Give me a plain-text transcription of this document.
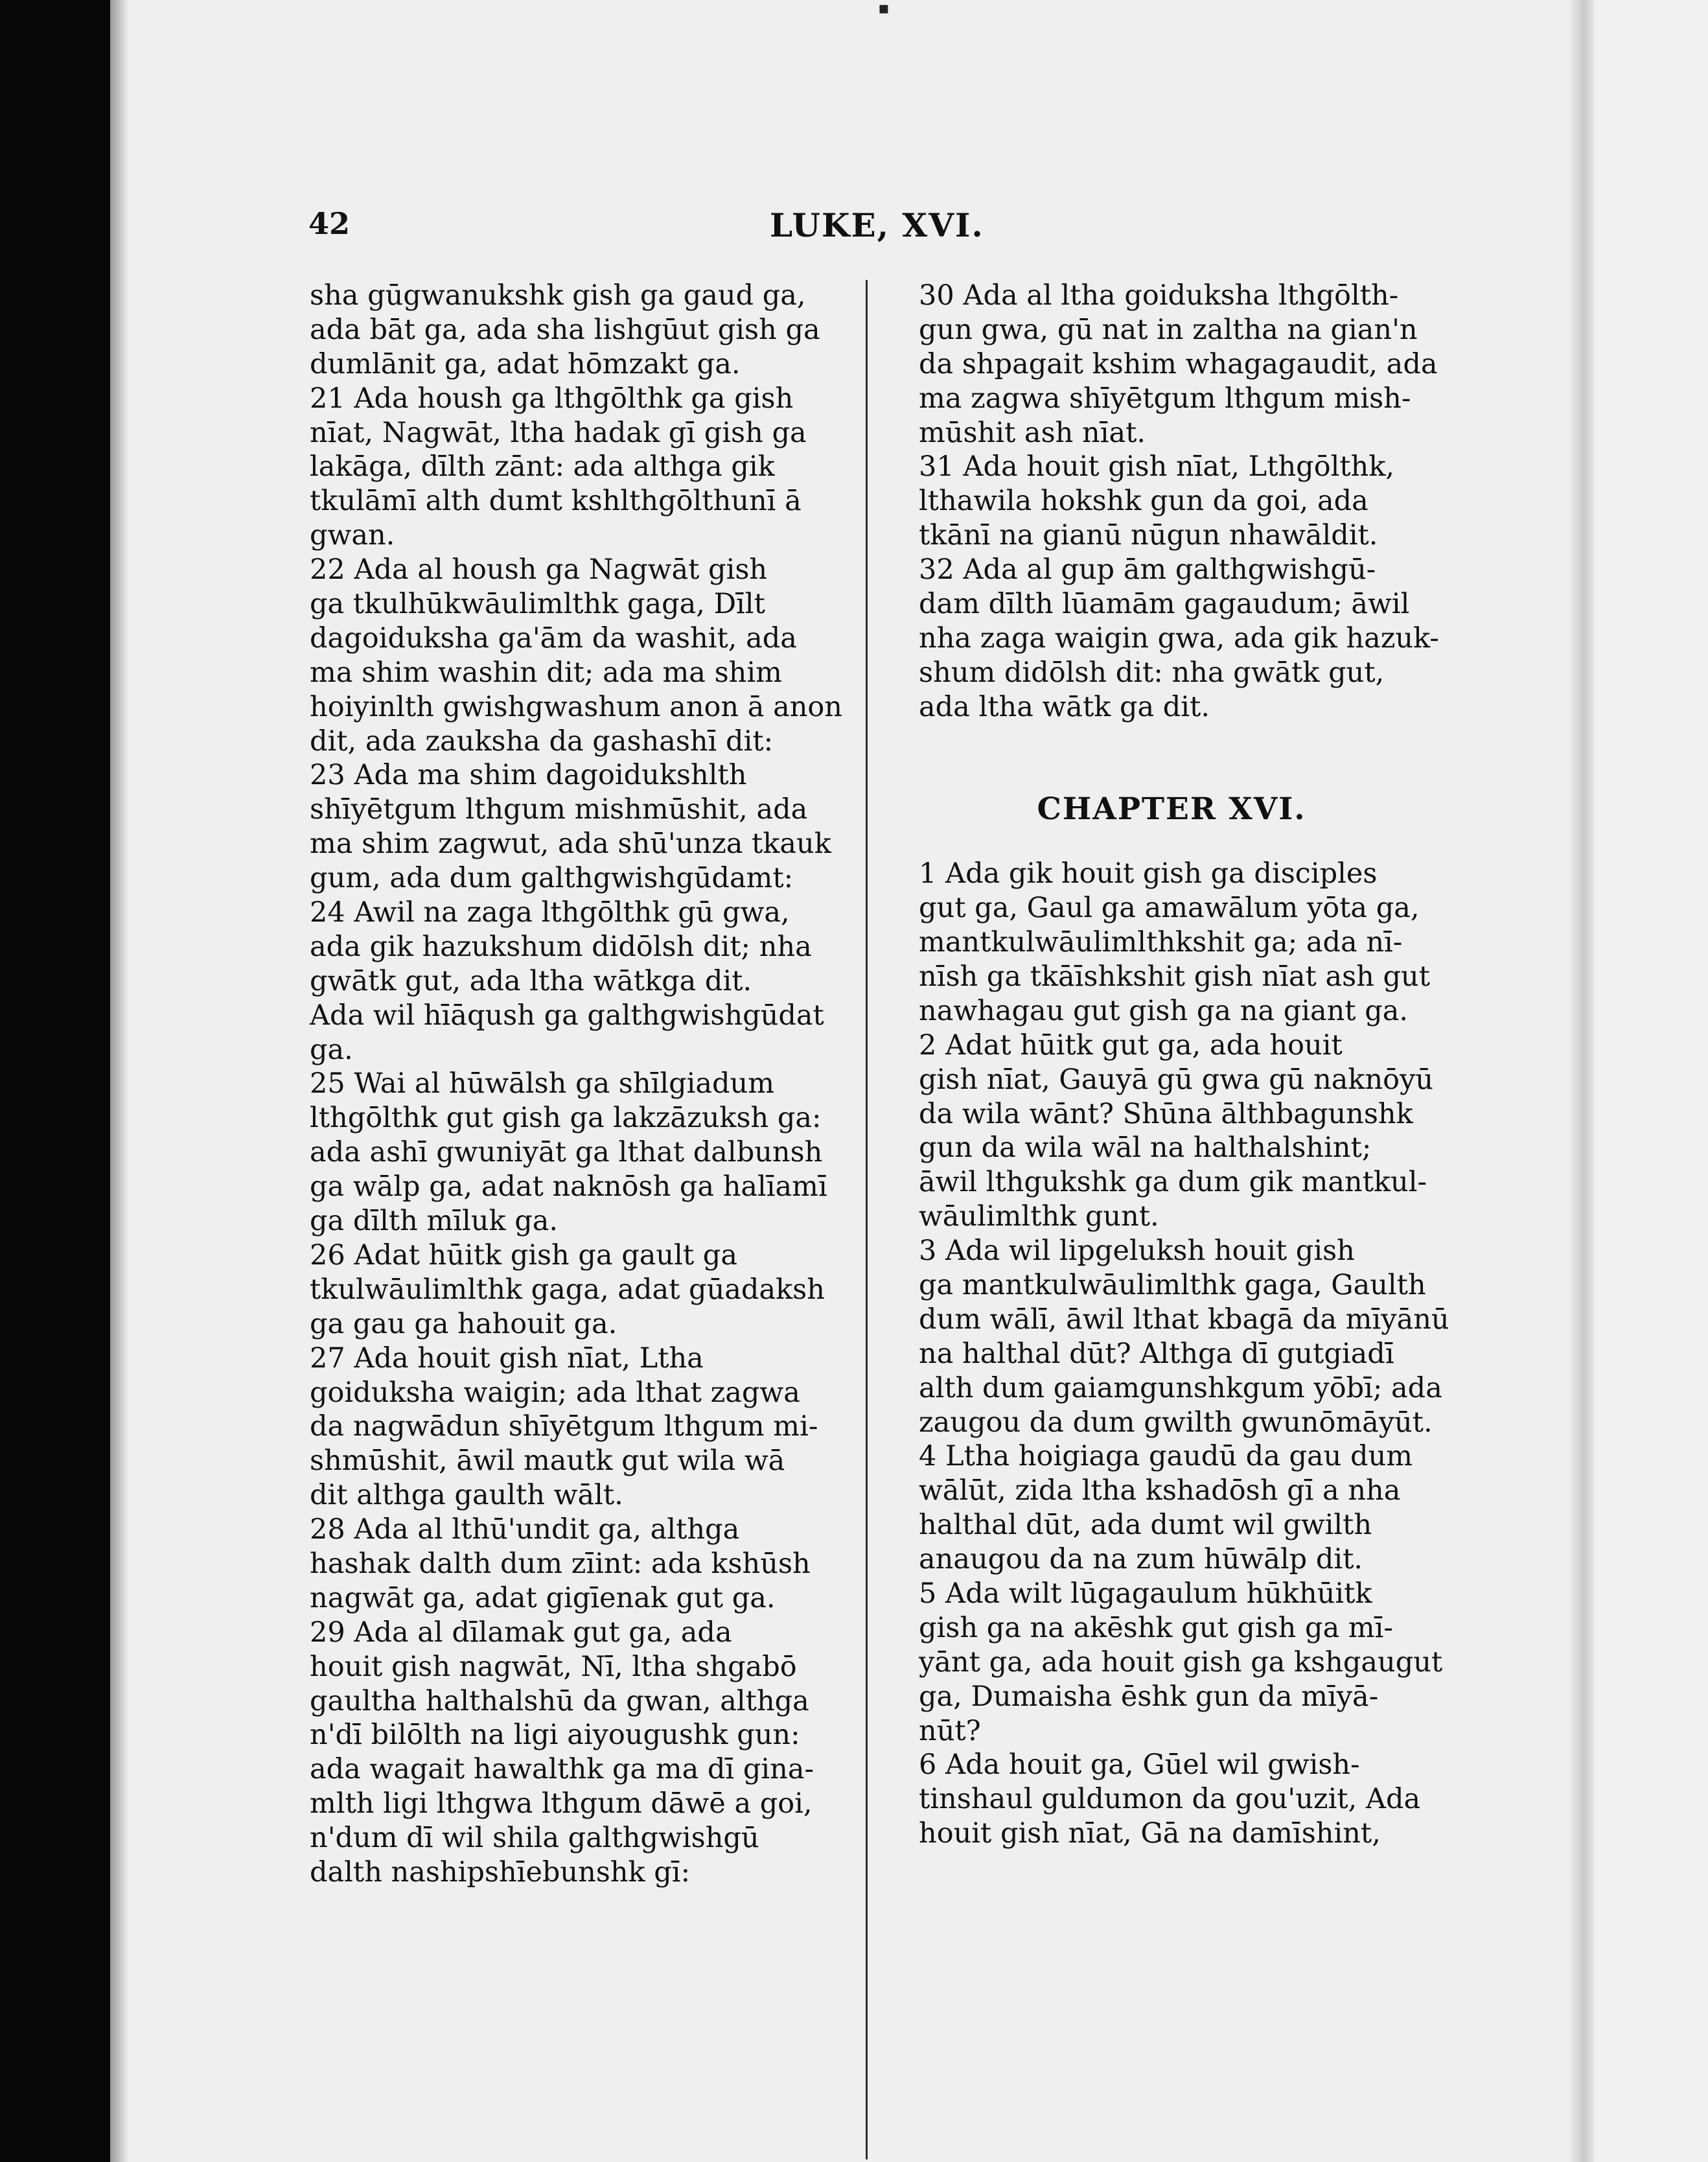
▪
42	LUKE, XVI.
sha gūgwanukshk gish ga gaud ga,
ada bāt ga, ada sha lishgūut gish ga
dumlānit ga, adat hōmzakt ga.
21 Ada housh ga lthgōlthk ga gish
nīat, Nagwāt, ltha hadak gī gish ga
lakāga, dīlth zānt: ada althga gik
tkulāmī alth dumt kshlthgōlthunī ā
gwan.
22 Ada al housh ga Nagwāt gish
ga tkulhūkwāulimlthk gaga, Dīlt
dagoiduksha ga'ām da washit, ada
ma shim washin dit; ada ma shim
hoiyinlth gwishgwashum anon ā anon
dit, ada zauksha da gashashī dit:
23 Ada ma shim dagoidukshlth
shīyētgum lthgum mishmūshit, ada
ma shim zagwut, ada shū'unza tkauk
gum, ada dum galthgwishgūdamt:
24 Awil na zaga lthgōlthk gū gwa,
ada gik hazukshum didōlsh dit; nha
gwātk gut, ada ltha wātkga dit.
Ada wil hīāqush ga galthgwishgūdat
ga.
25 Wai al hūwālsh ga shīlgiadum
lthgōlthk gut gish ga lakzāzuksh ga:
ada ashī gwuniyāt ga lthat dalbunsh
ga wālp ga, adat naknōsh ga halīamī
ga dīlth mīluk ga.
26 Adat hūitk gish ga gault ga
tkulwāulimlthk gaga, adat gūadaksh
ga gau ga hahouit ga.
27 Ada houit gish nīat, Ltha
goiduksha waigin; ada lthat zagwa
da nagwādun shīyētgum lthgum mi-
shmūshit, āwil mautk gut wila wā
dit althga gaulth wālt.
28 Ada al lthū'undit ga, althga
hashak dalth dum zīint: ada kshūsh
nagwāt ga, adat gigīenak gut ga.
29 Ada al dīlamak gut ga, ada
houit gish nagwāt, Nī, ltha shgabō
gaultha halthalshū da gwan, althga
n'dī bilōlth na ligi aiyougushk gun:
ada wagait hawalthk ga ma dī gina-
mlth ligi lthgwa lthgum dāwē a goi,
n'dum dī wil shila galthgwishgū
dalth nashipshīebunshk gī:
30 Ada al ltha goiduksha lthgōlth-
gun gwa, gū nat in zaltha na gian'n
da shpagait kshim whagagaudit, ada
ma zagwa shīyētgum lthgum mish-
mūshit ash nīat.
31 Ada houit gish nīat, Lthgōlthk,
lthawila hokshk gun da goi, ada
tkānī na gianū nūgun nhawāldit.
32 Ada al gup ām galthgwishgū-
dam dīlth lūamām gagaudum; āwil
nha zaga waigin gwa, ada gik hazuk-
shum didōlsh dit: nha gwātk gut,
ada ltha wātk ga dit.
CHAPTER XVI.
1 Ada gik houit gish ga disciples
gut ga, Gaul ga amawālum yōta ga,
mantkulwāulimlthkshit ga; ada nī-
nīsh ga tkāīshkshit gish nīat ash gut
nawhagau gut gish ga na giant ga.
2 Adat hūitk gut ga, ada houit
gish nīat, Gauyā gū gwa gū naknōyū
da wila wānt? Shūna ālthbagunshk
gun da wila wāl na halthalshint;
āwil lthgukshk ga dum gik mantkul-
wāulimlthk gunt.
3 Ada wil lipgeluksh houit gish
ga mantkulwāulimlthk gaga, Gaulth
dum wālī, āwil lthat kbagā da mīyānū
na halthal dūt? Althga dī gutgiadī
alth dum gaiamgunshkgum yōbī; ada
zaugou da dum gwilth gwunōmāyūt.
4 Ltha hoigiaga gaudū da gau dum
wālūt, zida ltha kshadōsh gī a nha
halthal dūt, ada dumt wil gwilth
anaugou da na zum hūwālp dit.
5 Ada wilt lūgagaulum hūkhūitk
gish ga na akēshk gut gish ga mī-
yānt ga, ada houit gish ga kshgaugut
ga, Dumaisha ēshk gun da mīyā-
nūt?
6 Ada houit ga, Gūel wil gwish-
tinshaul guldumon da gou'uzit, Ada
houit gish nīat, Gā na damīshint,
